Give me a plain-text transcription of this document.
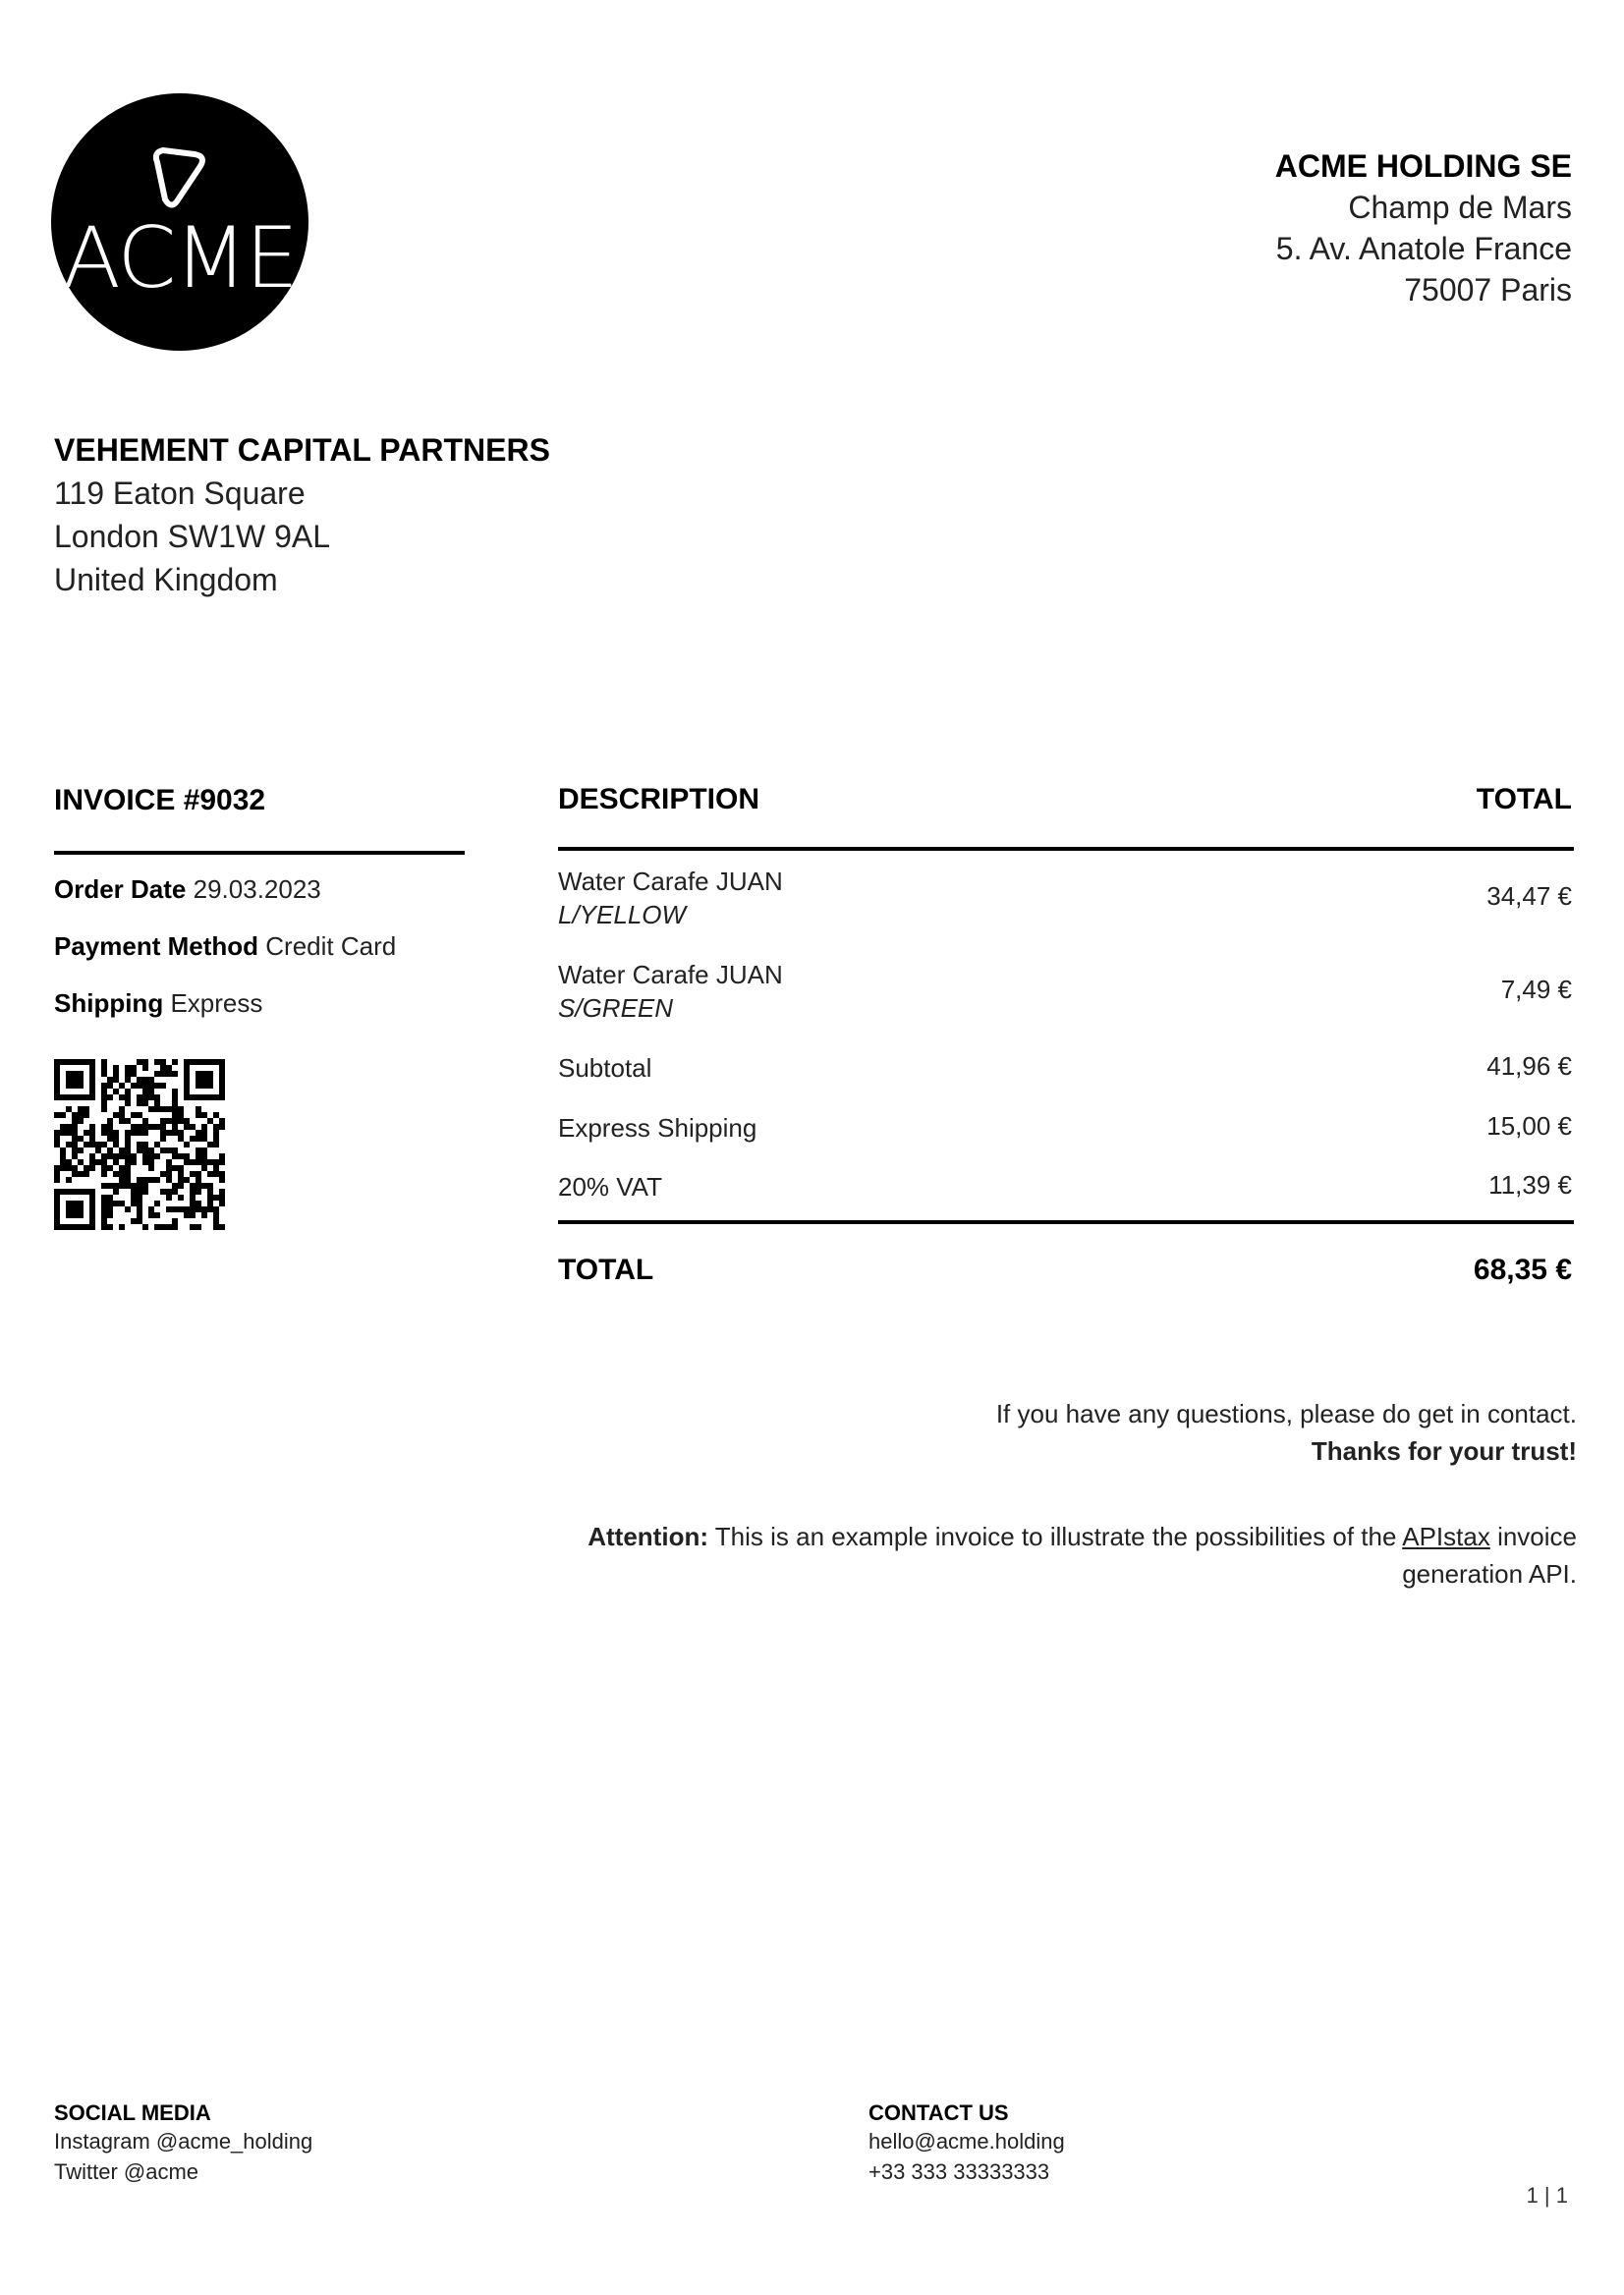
ACME
ACME HOLDING SE
Champ de Mars
5. Av. Anatole France
75007 Paris
VEHEMENT CAPITAL PARTNERS
119 Eaton Square
London SW1W 9AL
United Kingdom
INVOICE #9032
Order Date 29.03.2023
Payment Method Credit Card
Shipping Express
DESCRIPTION	TOTAL
Water Carafe JUAN
L/YELLOW
34,47 €
Water Carafe JUAN
S/GREEN
7,49 €
Subtotal	41,96 €
Express Shipping	15,00 €
20% VAT	11,39 €
TOTAL	68,35 €
If you have any questions, please do get in contact.
Thanks for your trust!
Attention: This is an example invoice to illustrate the possibilities of the APIstax invoice generation API.
SOCIAL MEDIA
Instagram @acme_holding
Twitter @acme
CONTACT US
hello@acme.holding
+33 333 33333333
1 | 1
